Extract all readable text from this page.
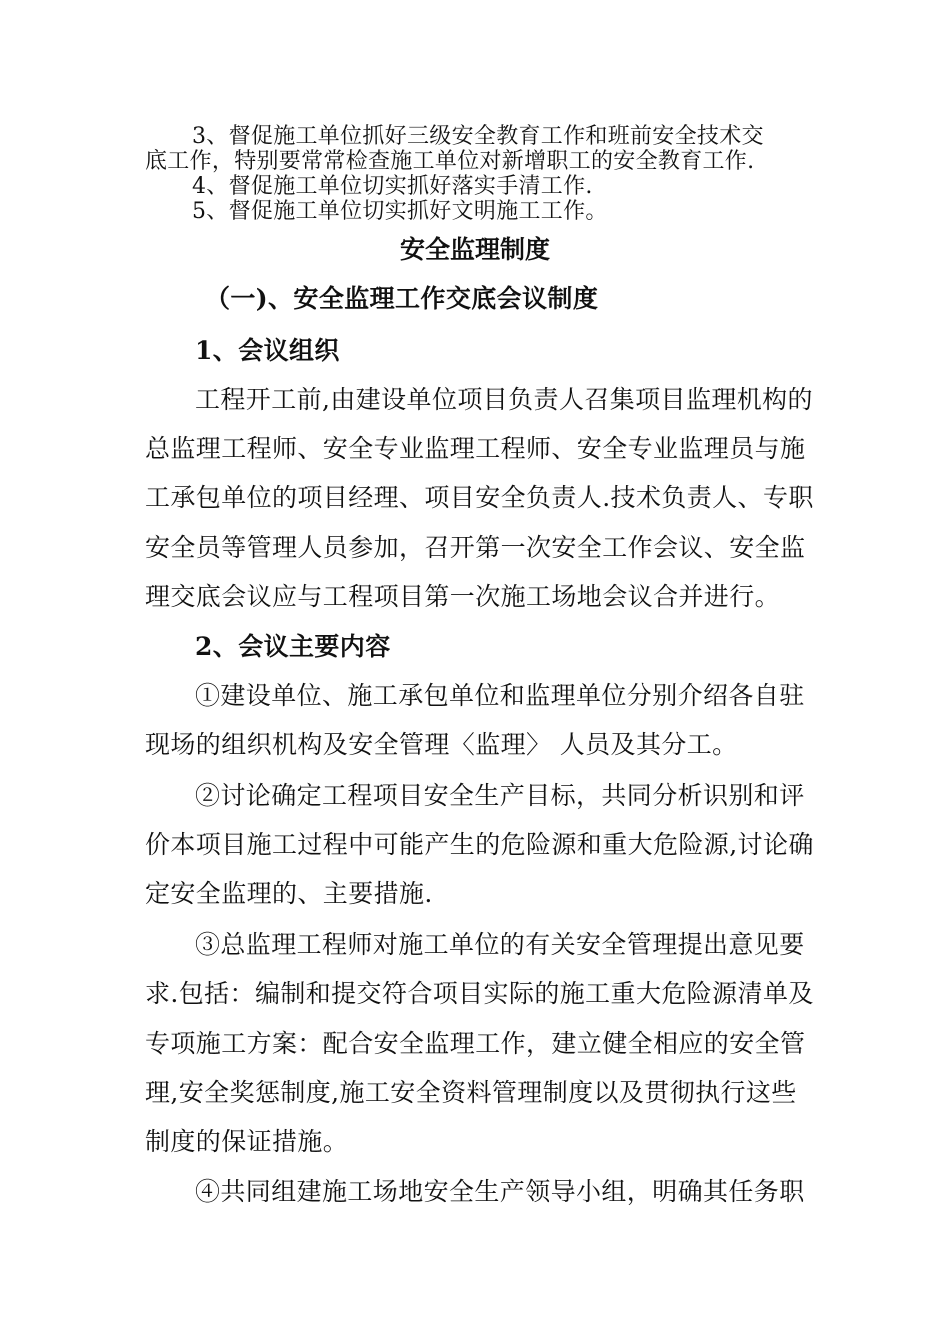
3、督促施工单位抓好三级安全教育工作和班前安全技术交

底工作，特别要常常检查施工单位对新增职工的安全教育工作.

4、督促施工单位切实抓好落实手清工作.

5、督促施工单位切实抓好文明施工工作。

安全监理制度

（一)、安全监理工作交底会议制度

1、会议组织

工程开工前,由建设单位项目负责人召集项目监理机构的

总监理工程师、安全专业监理工程师、安全专业监理员与施

工承包单位的项目经理、项目安全负责人.技术负责人、专职

安全员等管理人员参加，召开第一次安全工作会议、安全监

理交底会议应与工程项目第一次施工场地会议合并进行。

2、会议主要内容

①建设单位、施工承包单位和监理单位分别介绍各自驻

现场的组织机构及安全管理〈监理〉 人员及其分工。

②讨论确定工程项目安全生产目标，共同分析识别和评

价本项目施工过程中可能产生的危险源和重大危险源,讨论确

定安全监理的、主要措施.

③总监理工程师对施工单位的有关安全管理提出意见要

求.包括：编制和提交符合项目实际的施工重大危险源清单及

专项施工方案：配合安全监理工作，建立健全相应的安全管

理,安全奖惩制度,施工安全资料管理制度以及贯彻执行这些

制度的保证措施。

④共同组建施工场地安全生产领导小组，明确其任务职
